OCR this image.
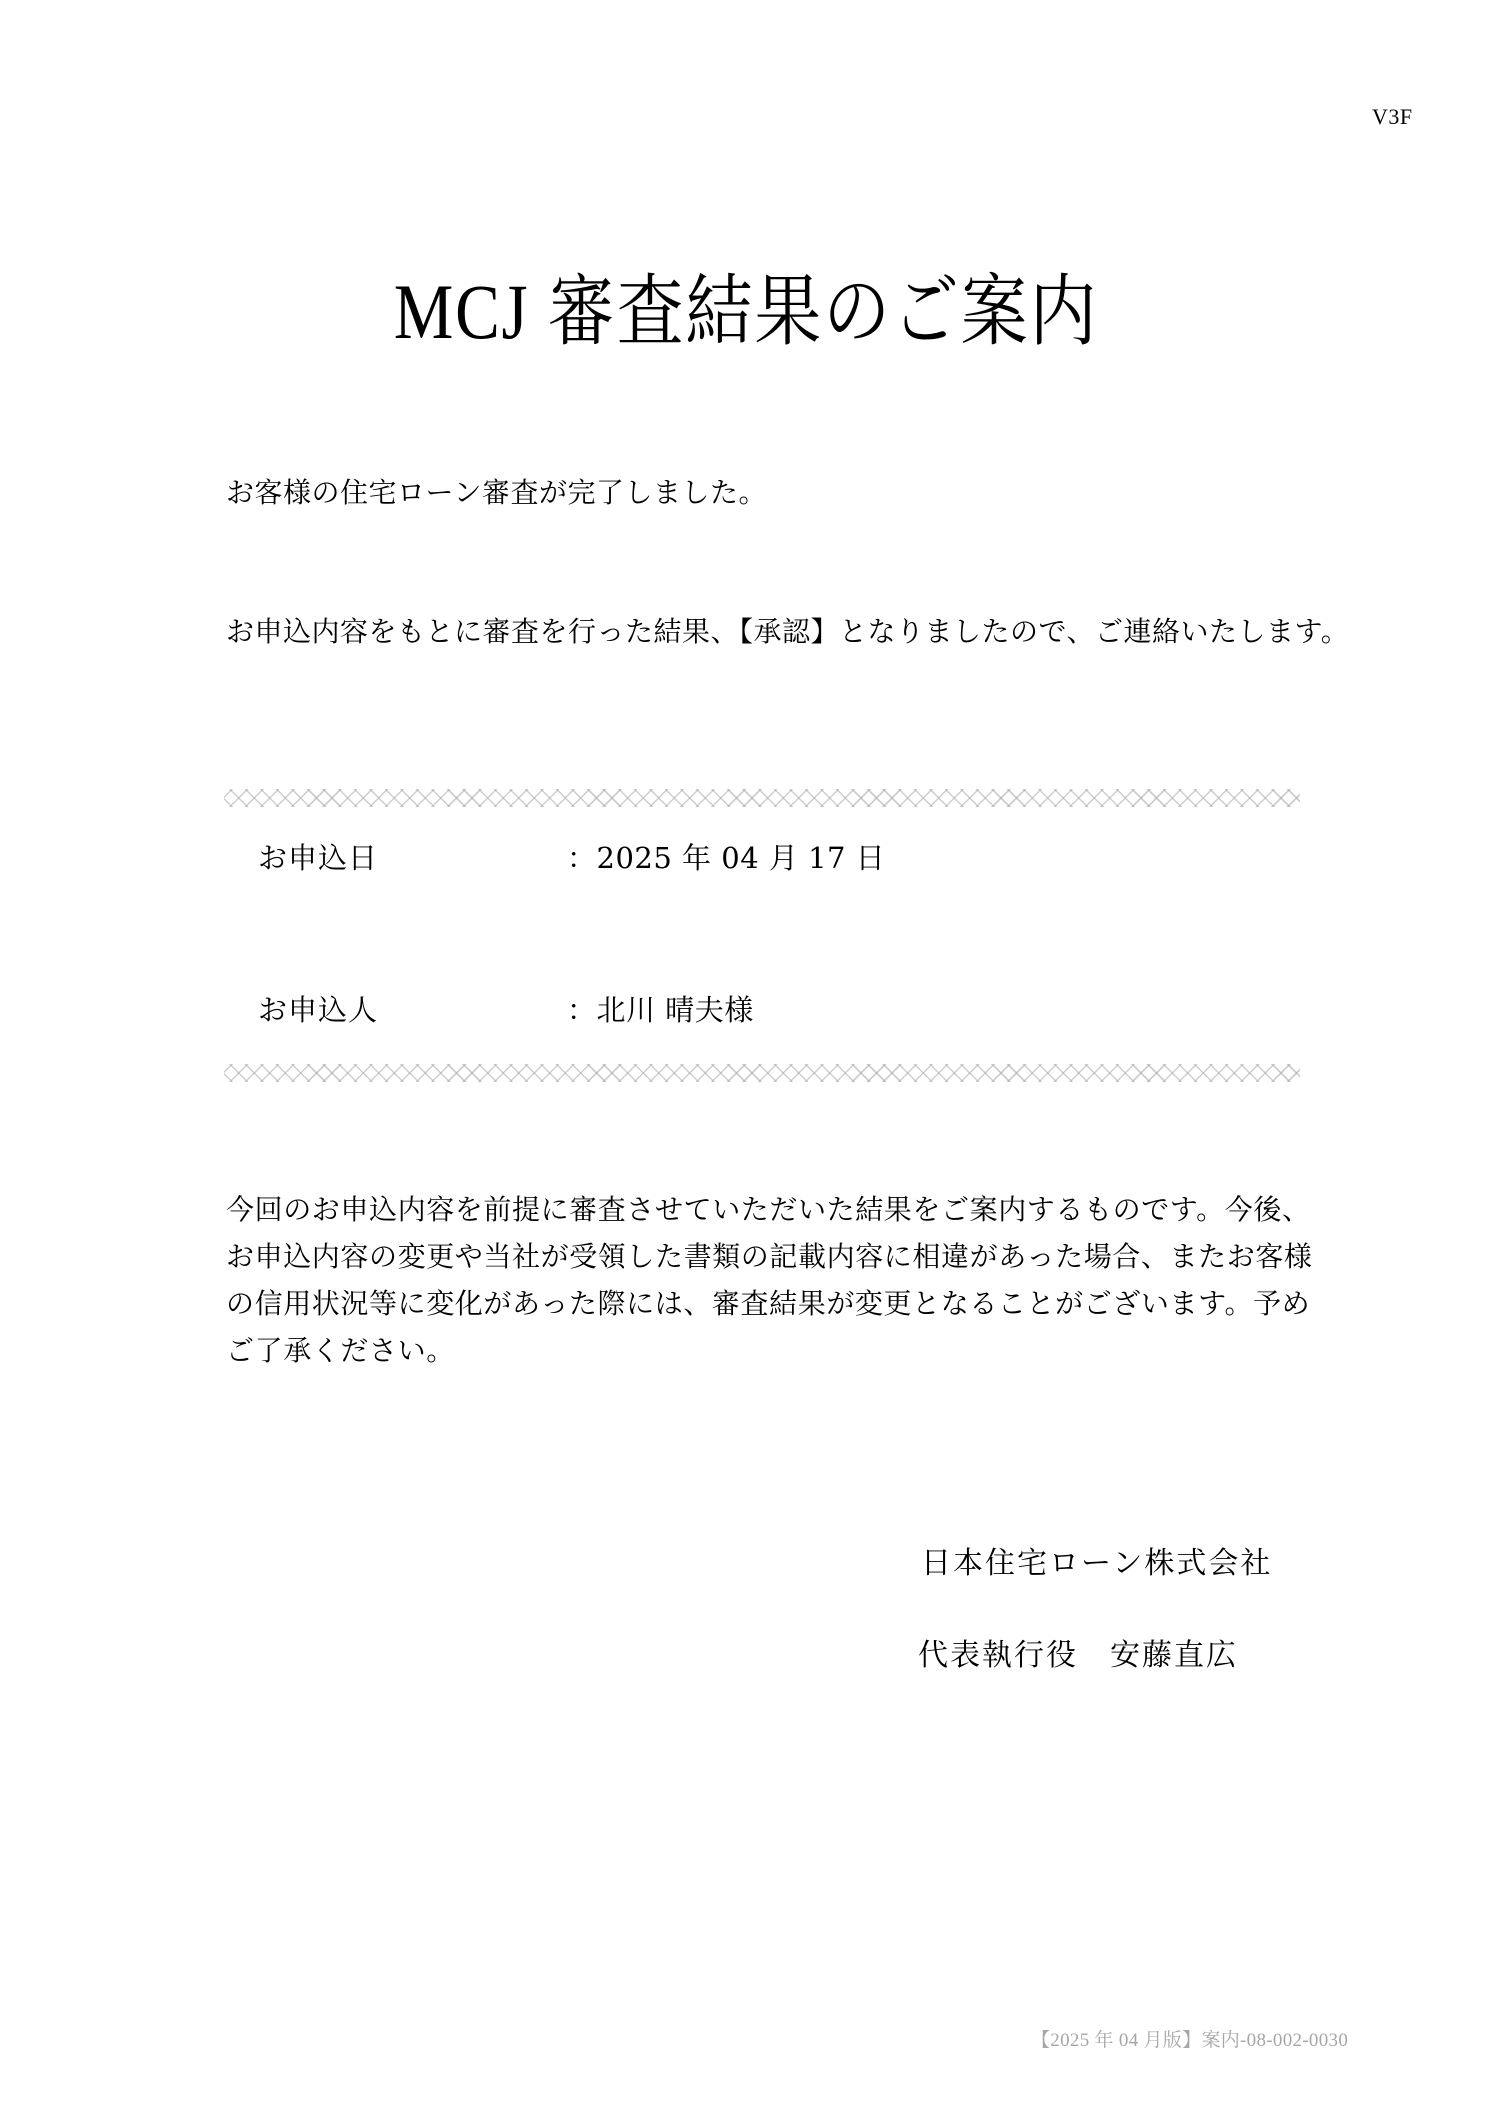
V3F
MCJ 審査結果のご案内
お客様の住宅ローン審査が完了しました。
お申込内容をもとに審査を行った結果、【承認】となりましたので、ご連絡いたします。
お申込日	：2025 年 04 月 17 日
お申込人	：北川 晴夫様

今回のお申込内容を前提に審査させていただいた結果をご案内するものです。今後、お申込内容の変更や当社が受領した書類の記載内容に相違があった場合、またお客様の信用状況等に変化があった際には、審査結果が変更となることがございます。予めご了承ください。

日本住宅ローン株式会社
代表執行役　安藤直広
【2025 年 04 月版】案内-08-002-0030
